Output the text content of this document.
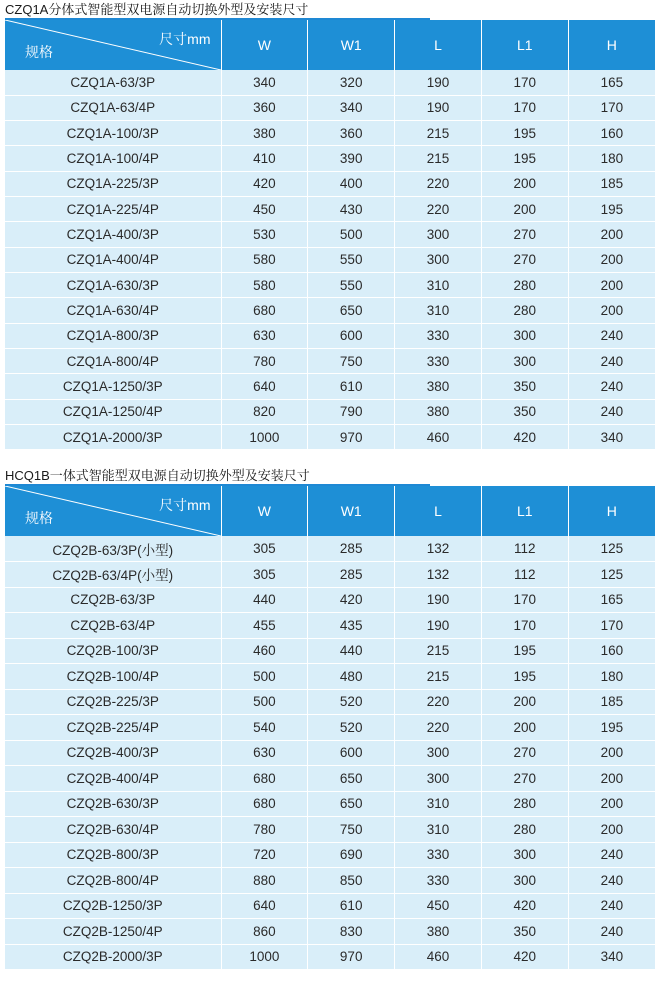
CZQ1A分体式智能型双电源自动切换外型及安装尺寸
尺寸mm
规格	W	W1	L	L1	H
CZQ1A-63/3P	340	320	190	170	165
CZQ1A-63/4P	360	340	190	170	170
CZQ1A-100/3P	380	360	215	195	160
CZQ1A-100/4P	410	390	215	195	180
CZQ1A-225/3P	420	400	220	200	185
CZQ1A-225/4P	450	430	220	200	195
CZQ1A-400/3P	530	500	300	270	200
CZQ1A-400/4P	580	550	300	270	200
CZQ1A-630/3P	580	550	310	280	200
CZQ1A-630/4P	680	650	310	280	200
CZQ1A-800/3P	630	600	330	300	240
CZQ1A-800/4P	780	750	330	300	240
CZQ1A-1250/3P	640	610	380	350	240
CZQ1A-1250/4P	820	790	380	350	240
CZQ1A-2000/3P	1000	970	460	420	340
HCQ1B一体式智能型双电源自动切换外型及安装尺寸
尺寸mm
规格	W	W1	L	L1	H
CZQ2B-63/3P(小型)	305	285	132	112	125
CZQ2B-63/4P(小型)	305	285	132	112	125
CZQ2B-63/3P	440	420	190	170	165
CZQ2B-63/4P	455	435	190	170	170
CZQ2B-100/3P	460	440	215	195	160
CZQ2B-100/4P	500	480	215	195	180
CZQ2B-225/3P	500	520	220	200	185
CZQ2B-225/4P	540	520	220	200	195
CZQ2B-400/3P	630	600	300	270	200
CZQ2B-400/4P	680	650	300	270	200
CZQ2B-630/3P	680	650	310	280	200
CZQ2B-630/4P	780	750	310	280	200
CZQ2B-800/3P	720	690	330	300	240
CZQ2B-800/4P	880	850	330	300	240
CZQ2B-1250/3P	640	610	450	420	240
CZQ2B-1250/4P	860	830	380	350	240
CZQ2B-2000/3P	1000	970	460	420	340
